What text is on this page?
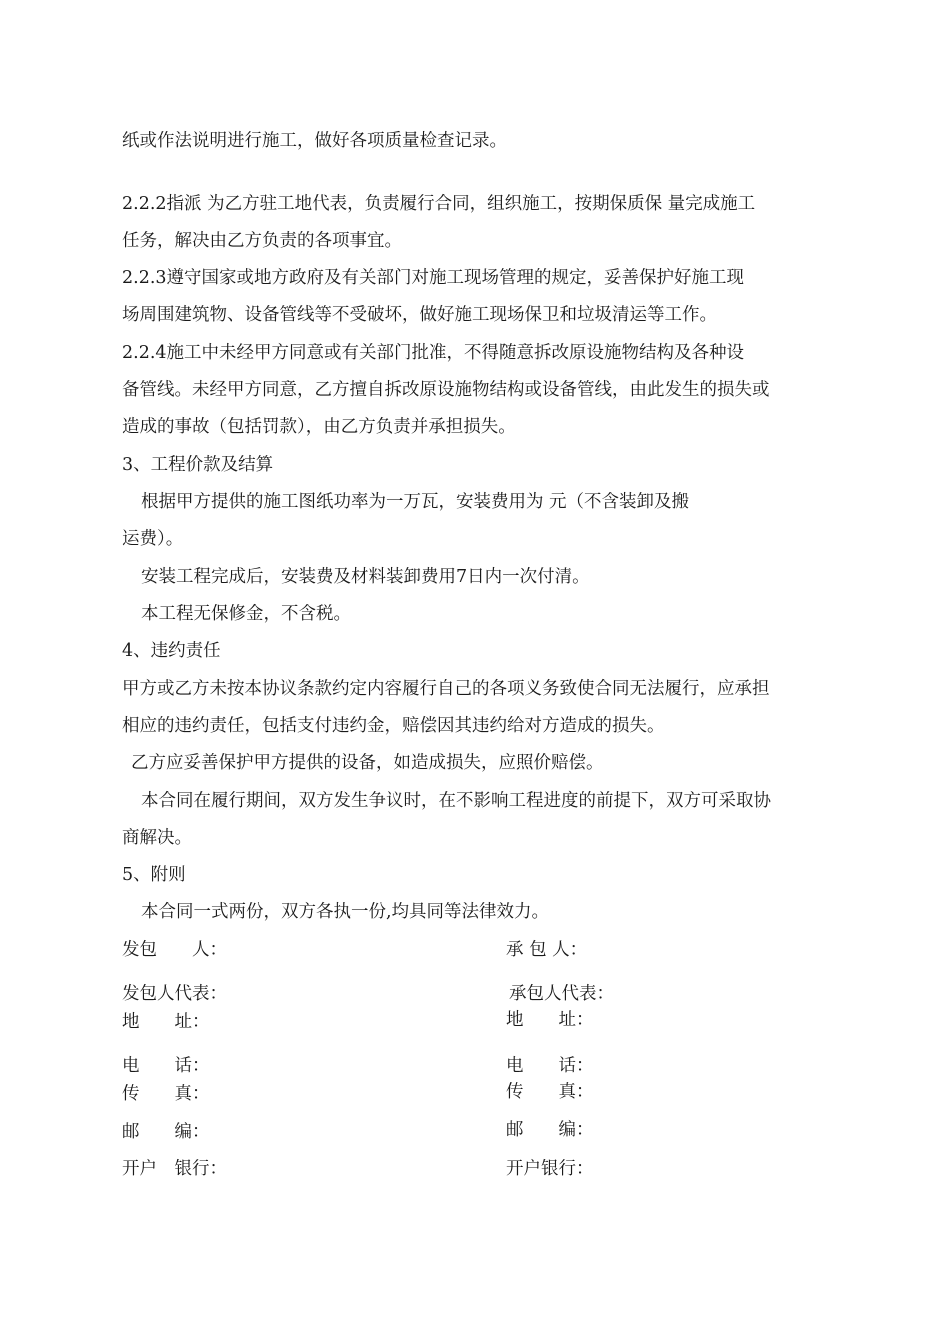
纸或作法说明进行施工，做好各项质量检查记录。
2.2.2指派 为乙方驻工地代表，负责履行合同，组织施工，按期保质保 量完成施工
任务，解决由乙方负责的各项事宜。
2.2.3遵守国家或地方政府及有关部门对施工现场管理的规定，妥善保护好施工现
场周围建筑物、设备管线等不受破坏，做好施工现场保卫和垃圾清运等工作。
2.2.4施工中未经甲方同意或有关部门批准，不得随意拆改原设施物结构及各种设
备管线。未经甲方同意，乙方擅自拆改原设施物结构或设备管线，由此发生的损失或
造成的事故（包括罚款），由乙方负责并承担损失。
3、工程价款及结算
根据甲方提供的施工图纸功率为一万瓦，安装费用为 元（不含装卸及搬
运费）。
安装工程完成后，安装费及材料装卸费用7日内一次付清。
本工程无保修金，不含税。
4、违约责任
甲方或乙方未按本协议条款约定内容履行自己的各项义务致使合同无法履行，应承担
相应的违约责任，包括支付违约金，赔偿因其违约给对方造成的损失。
乙方应妥善保护甲方提供的设备，如造成损失，应照价赔偿。
本合同在履行期间，双方发生争议时，在不影响工程进度的前提下，双方可采取协
商解决。
5、附则
本合同一式两份，双方各执一份,均具同等法律效力。
发包　　人：
发包人代表：
地　　址：
电　　话：
传　　真：
邮　　编：
开户　银行：
承 包 人：
承包人代表：
地　　址：
电　　话：
传　　真：
邮　　编：
开户银行：
